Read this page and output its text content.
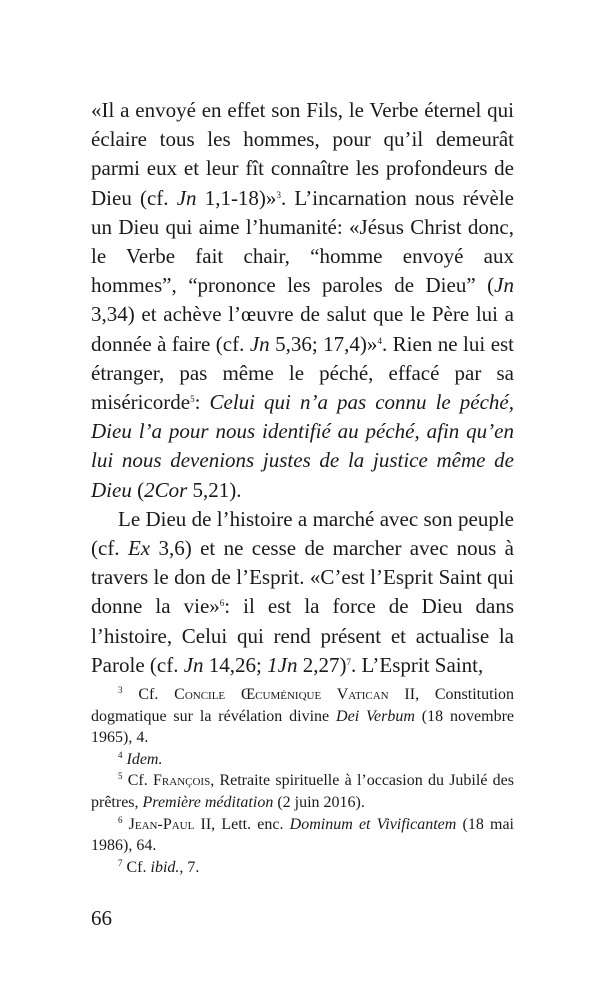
«Il a envoyé en effet son Fils, le Verbe éternel qui éclaire tous les hommes, pour qu’il demeurât parmi eux et leur fît connaître les profondeurs de Dieu (cf. Jn 1,1-18)»$^3$. L’incarnation nous révèle un Dieu qui aime l’humanité: «Jésus Christ donc, le Verbe fait chair, “homme envoyé aux hommes”, “prononce les paroles de Dieu” (Jn 3,34) et achève l’œuvre de salut que le Père lui a donnée à faire (cf. Jn 5,36; 17,4)»$^4$. Rien ne lui est étranger, pas même le péché, effacé par sa miséricorde$^5$: Celui qui n’a pas connu le péché, Dieu l’a pour nous identifié au péché, afin qu’en lui nous devenions justes de la justice même de Dieu (2Cor 5,21).

Le Dieu de l’histoire a marché avec son peuple (cf. Ex 3,6) et ne cesse de marcher avec nous à travers le don de l’Esprit. «C’est l’Esprit Saint qui donne la vie»$^6$: il est la force de Dieu dans l’histoire, Celui qui rend présent et actualise la Parole (cf. Jn 14,26; 1Jn 2,27)$^7$. L’Esprit Saint,

$^3$ Cf. Concile Œcuménique Vatican II, Constitution dogmatique sur la révélation divine Dei Verbum (18 novembre 1965), 4.

$^4$ Idem.

$^5$ Cf. François, Retraite spirituelle à l’occasion du Jubilé des prêtres, Première méditation (2 juin 2016).

$^6$ Jean-Paul II, Lett. enc. Dominum et Vivificantem (18 mai 1986), 64.

$^7$ Cf. ibid., 7.

66
